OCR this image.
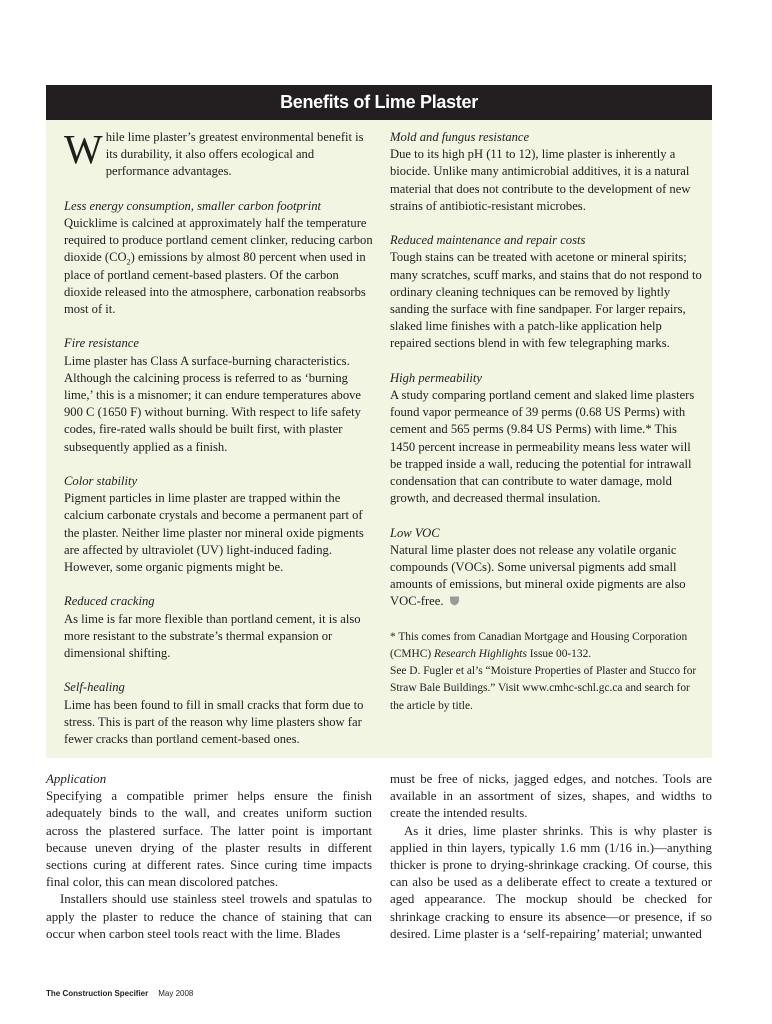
Benefits of Lime Plaster
While lime plaster’s greatest environmental benefit is its durability, it also offers ecological and performance advantages.
Less energy consumption, smaller carbon footprint

Quicklime is calcined at approximately half the temperature required to produce portland cement clinker, reducing carbon dioxide $(CO_2)$ emissions by almost 80 percent when used in place of portland cement-based plasters. Of the carbon dioxide released into the atmosphere, carbonation reabsorbs most of it.

Fire resistance

Lime plaster has Class A surface-burning characteristics. Although the calcining process is referred to as ‘burning lime,’ this is a misnomer; it can endure temperatures above 900 C (1650 F) without burning. With respect to life safety codes, fire-rated walls should be built first, with plaster subsequently applied as a finish.

Color stability

Pigment particles in lime plaster are trapped within the calcium carbonate crystals and become a permanent part of the plaster. Neither lime plaster nor mineral oxide pigments are affected by ultraviolet (UV) light-induced fading. However, some organic pigments might be.

Reduced cracking

As lime is far more flexible than portland cement, it is also more resistant to the substrate’s thermal expansion or dimensional shifting.

Self-healing

Lime has been found to fill in small cracks that form due to stress. This is part of the reason why lime plasters show far fewer cracks than portland cement-based ones.

Mold and fungus resistance

Due to its high pH (11 to 12), lime plaster is inherently a biocide. Unlike many antimicrobial additives, it is a natural material that does not contribute to the development of new strains of antibiotic-resistant microbes.

Reduced maintenance and repair costs

Tough stains can be treated with acetone or mineral spirits; many scratches, scuff marks, and stains that do not respond to ordinary cleaning techniques can be removed by lightly sanding the surface with fine sandpaper. For larger repairs, slaked lime finishes with a patch-like application help repaired sections blend in with few telegraphing marks.

High permeability

A study comparing portland cement and slaked lime plasters found vapor permeance of 39 perms (0.68 US Perms) with cement and 565 perms (9.84 US Perms) with lime.* This 1450 percent increase in permeability means less water will be trapped inside a wall, reducing the potential for intrawall condensation that can contribute to water damage, mold growth, and decreased thermal insulation.

Low VOC

Natural lime plaster does not release any volatile organic compounds (VOCs). Some universal pigments add small amounts of emissions, but mineral oxide pigments are also VOC-free.

* This comes from Canadian Mortgage and Housing Corporation (CMHC) Research Highlights Issue 00-132.

See D. Fugler et al’s “Moisture Properties of Plaster and Stucco for Straw Bale Buildings.” Visit www.cmhc-schl.gc.ca and search for the article by title.

Application

Specifying a compatible primer helps ensure the finish adequately binds to the wall, and creates uniform suction across the plastered surface. The latter point is important because uneven drying of the plaster results in different sections curing at different rates. Since curing time impacts final color, this can mean discolored patches.

Installers should use stainless steel trowels and spatulas to apply the plaster to reduce the chance of staining that can occur when carbon steel tools react with the lime. Blades

must be free of nicks, jagged edges, and notches. Tools are available in an assortment of sizes, shapes, and widths to create the intended results.

As it dries, lime plaster shrinks. This is why plaster is applied in thin layers, typically 1.6 mm (1/16 in.)—anything thicker is prone to drying-shrinkage cracking. Of course, this can also be used as a deliberate effect to create a textured or aged appearance. The mockup should be checked for shrinkage cracking to ensure its absence—or presence, if so desired. Lime plaster is a ‘self-repairing’ material; unwanted

The Construction Specifier May 2008
